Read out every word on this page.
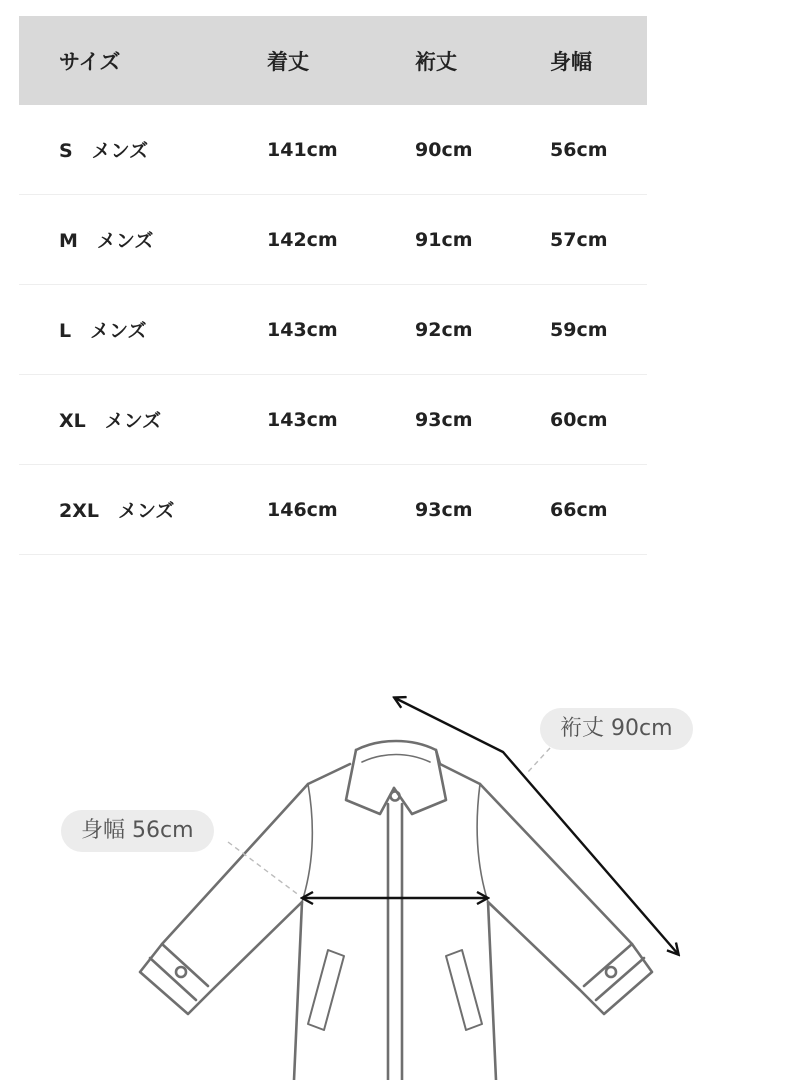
サイズ	着丈	裄丈	身幅
S　メンズ	141cm	90cm	56cm
M　メンズ	142cm	91cm	57cm
L　メンズ	143cm	92cm	59cm
XL　メンズ	143cm	93cm	60cm
2XL　メンズ	146cm	93cm	66cm
裄丈 90cm
身幅 56cm
